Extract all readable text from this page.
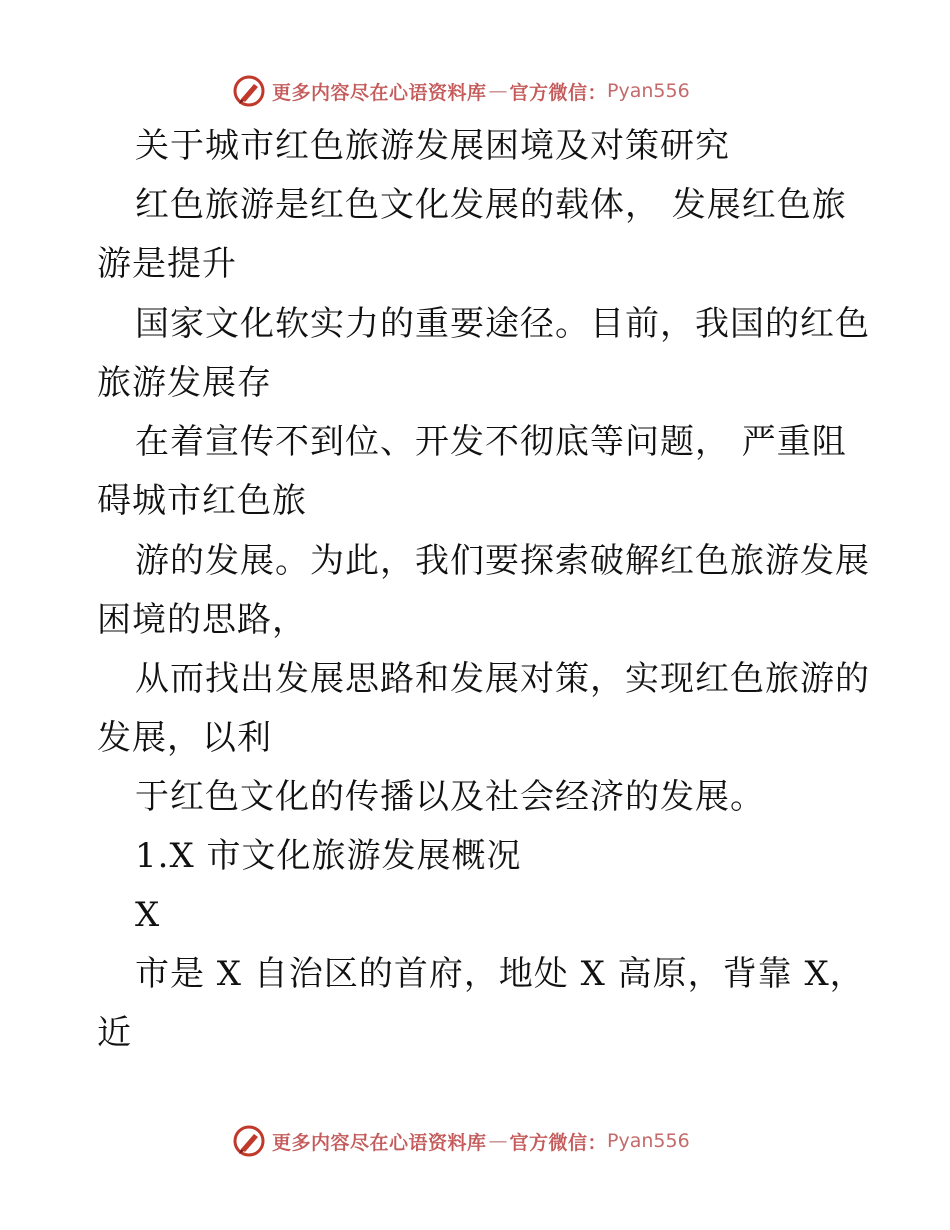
更多内容尽在心语资料库 — 官方微信： Pyan556
关于城市红色旅游发展困境及对策研究
红色旅游是红色文化发展的载体， 发展红色旅
游是提升
国家文化软实力的重要途径。目前，我国的红色
旅游发展存
在着宣传不到位、开发不彻底等问题， 严重阻
碍城市红色旅
游的发展。为此，我们要探索破解红色旅游发展
困境的思路，
从而找出发展思路和发展对策，实现红色旅游的
发展，以利
于红色文化的传播以及社会经济的发展。
1.X 市文化旅游发展概况
X
市是 X 自治区的首府，地处 X 高原，背靠 X，
近
更多内容尽在心语资料库 — 官方微信： Pyan556
